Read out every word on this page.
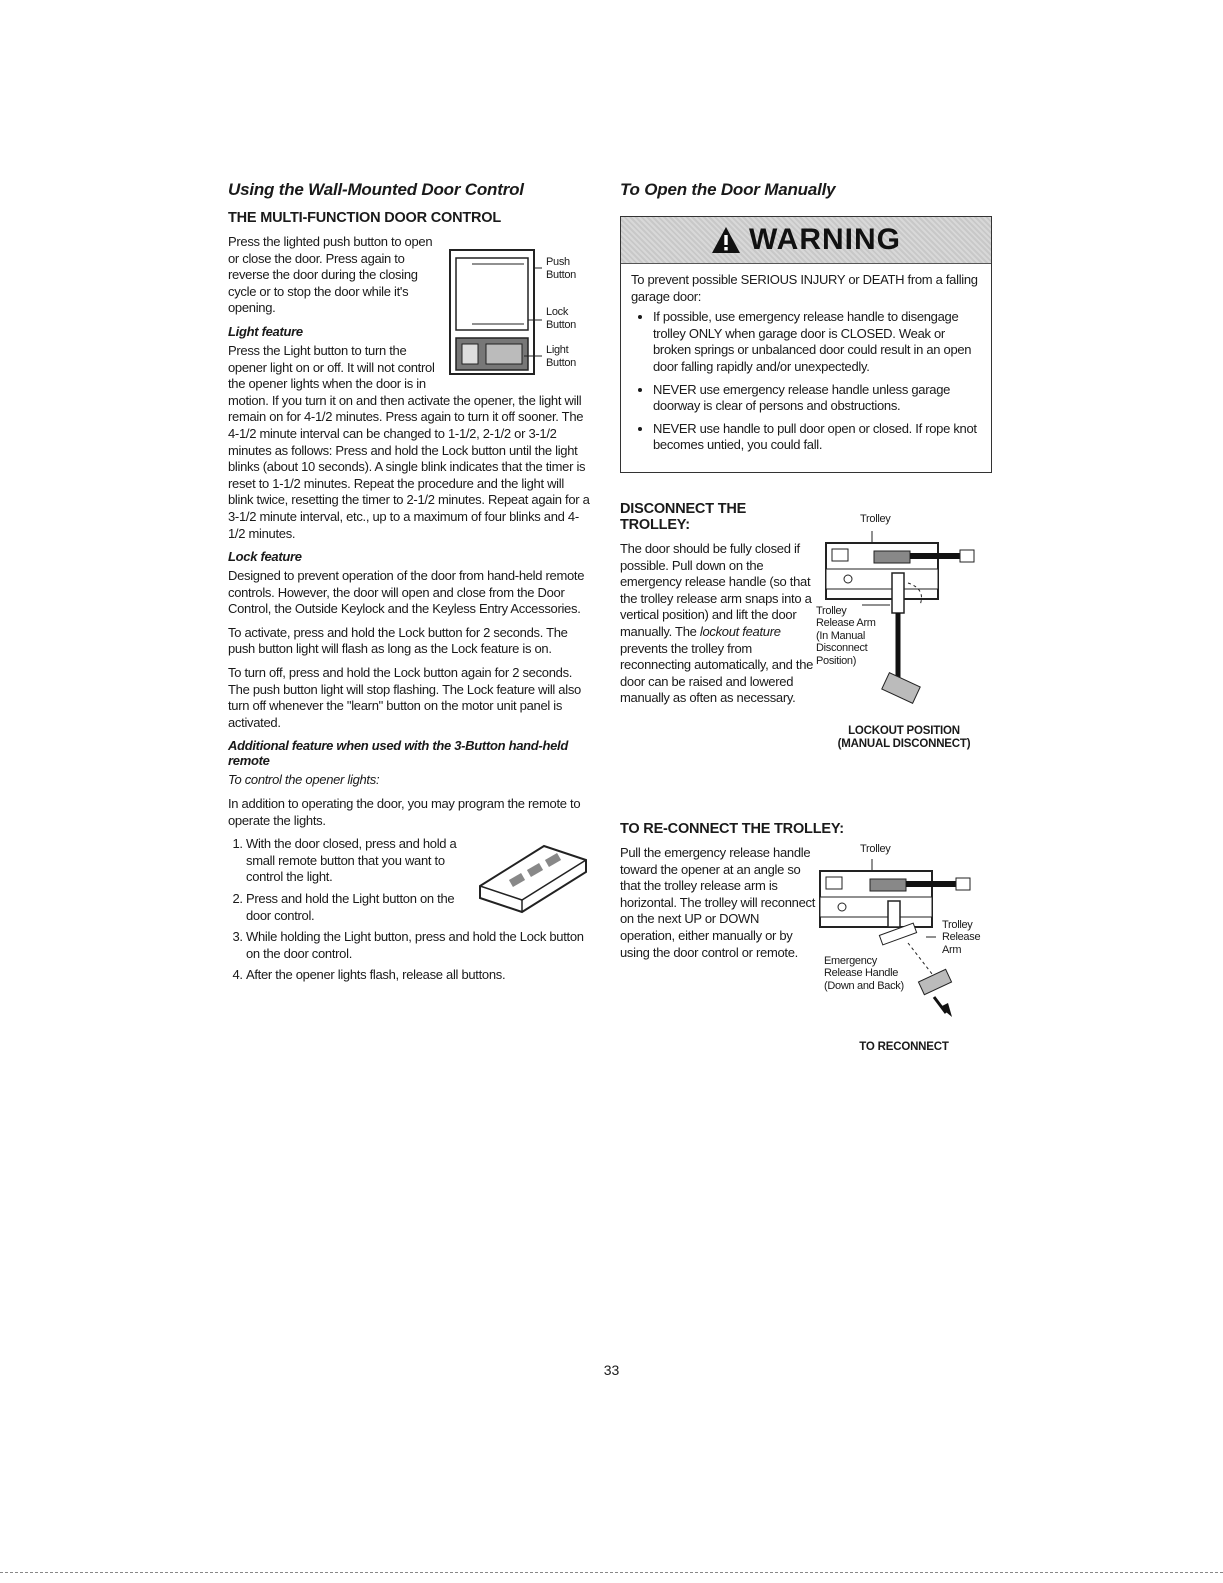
Using the Wall-Mounted Door Control
THE MULTI-FUNCTION DOOR CONTROL
Push Button
Lock Button
Light Button

Press the lighted push button to open or close the door. Press again to reverse the door during the closing cycle or to stop the door while it's opening.

Light feature

Press the Light button to turn the opener light on or off. It will not control the opener lights when the door is in motion. If you turn it on and then activate the opener, the light will remain on for 4-1/2 minutes. Press again to turn it off sooner. The 4-1/2 minute interval can be changed to 1-1/2, 2-1/2 or 3-1/2 minutes as follows: Press and hold the Lock button until the light blinks (about 10 seconds). A single blink indicates that the timer is reset to 1-1/2 minutes. Repeat the procedure and the light will blink twice, resetting the timer to 2-1/2 minutes. Repeat again for a 3-1/2 minute interval, etc., up to a maximum of four blinks and 4-1/2 minutes.

Lock feature

Designed to prevent operation of the door from hand-held remote controls. However, the door will open and close from the Door Control, the Outside Keylock and the Keyless Entry Accessories.

To activate, press and hold the Lock button for 2 seconds. The push button light will flash as long as the Lock feature is on.

To turn off, press and hold the Lock button again for 2 seconds. The push button light will stop flashing. The Lock feature will also turn off whenever the "learn" button on the motor unit panel is activated.

Additional feature when used with the 3-Button hand-held remote

To control the opener lights:

In addition to operating the door, you may program the remote to operate the lights.

1. With the door closed, press and hold a small remote button that you want to control the light.
2. Press and hold the Light button on the door control.
3. While holding the Light button, press and hold the Lock button on the door control.
4. After the opener lights flash, release all buttons.
To Open the Door Manually
WARNING

To prevent possible SERIOUS INJURY or DEATH from a falling garage door:

• If possible, use emergency release handle to disengage trolley ONLY when garage door is CLOSED. Weak or broken springs or unbalanced door could result in an open door falling rapidly and/or unexpectedly.
• NEVER use emergency release handle unless garage doorway is clear of persons and obstructions.
• NEVER use handle to pull door open or closed. If rope knot becomes untied, you could fall.
DISCONNECT THE TROLLEY:

The door should be fully closed if possible. Pull down on the emergency release handle (so that the trolley release arm snaps into a vertical position) and lift the door manually. The lockout feature prevents the trolley from reconnecting automatically, and the door can be raised and lowered manually as often as necessary.

Trolley
Trolley Release Arm (In Manual Disconnect Position)
LOCKOUT POSITION
(MANUAL DISCONNECT)
TO RE-CONNECT THE TROLLEY:

Pull the emergency release handle toward the opener at an angle so that the trolley release arm is horizontal. The trolley will reconnect on the next UP or DOWN operation, either manually or by using the door control or remote.

Trolley
Trolley Release Arm
Emergency Release Handle (Down and Back)
TO RECONNECT
33
